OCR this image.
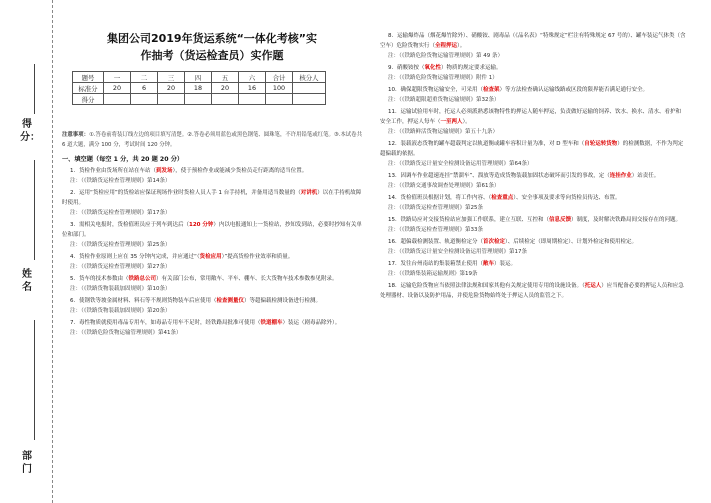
得分：
姓名
部门
集团公司2019年货运系统“一体化考核”实
作抽考（货运检查员）实作题
题号	一	二	三	四	五	六	合计	核分人
标准分	20	6	20	18	20	16	100	
得分								
注意事项：①.答卷前将装订线左边的项目填写清楚。②.答卷必须用蓝色或黑色钢笔、圆珠笔，不许用铅笔或红笔。③.本试卷共 6 道大题，满分 100 分，考试时间 120 分钟。
一、填空题（每空 1 分，共 20 题 20 分）
1．货检作业由货场所在站在车站（到发场），使于预检作业或能减少货检员走行距离的适当位置。
注：（《铁路货运检查管理规则》第14条）
2．运用“货检应用”的货检站应保证现场作业时货检人员人手 1 台手持机，并备用适当数量的（对讲机）以在手持机故障时使用。
注：（《铁路货运检查管理规则》第17条）
3．需相关电报时，货检值班员应于列车到达后（120 分钟）内以电报通知上一货检站，抄知发到站，必要时抄知有关单位和部门。
注：（《铁路货运检查管理规则》第25条）
4．货检作业原则上应在 35 分钟内完成，并应通过“（货检应用）”提高货检作业效率和质量。
注：（《铁路货运检查管理规则》第27条）
5．货车的技术参数由（铁路总公司）有关部门公布，常用敞车、平车、棚车、长大货物车技术参数参见附录。
注：（《铁路货物装载加固规则》第10条）
6．使钢铁等坡金属材料、料石等不规则货物装车后应使用（检查测量仪）等超偏载检测设备进行检测。
注：（《铁路货物装载加固规则》第20条）
7．毒性物质就使用毒品专用车，如毒品专用车不足时，经铁路局批准可使用（铁道棚车）装运（剧毒品除外）。
注：（《铁路危险货物运输管理规则》第41条）
8．运输爆炸品（烟花爆竹除外）、硝酸铵、剧毒品（《品名表》“特殊规定”栏注有特殊规定 67 号的）、罐车装运气体类（含空车）危险货物实行（全程押运）。
注：（《铁路危险货物运输管理规则》第 49 条）
9．硝酸铵按（氧化性）物质的规定要求运输。
注：（《铁路危险货物运输管理规则》附件 1）
10．确保超限货物运输安全，可采用（检查架）等方法检查确认运输线路或区段的限界能否满足通行安全。
注：（《铁路超限超重货物运输规则》第32条）
11．运输试验用车时，托运人必须派熟悉该物特性的押运人随车押运，负责做好运输的饲养、饮水、换水、清水、看护和安全工作，押运人每车（一至两人）。
注：（《铁路鲜活货物运输规则》第五十九条）
12．装载液态货物的罐车超载判定以轨道衡或罐车容积计量为准，对 D 型车和（自轮运转货物）的检测数据，不作为判定超偏载的依据。
注：（《铁路货运计量安全检测设备运用管理规则》第64条）
13．因调车作业超速连挂“禁溜车”、溜放等造成货物装载加固状态破坏而引发的事故，定（连挂作业）站责任。
注：（《铁路交通事故调查处理规则》第61条）
14．货检值班员根据计划，将工作内容、（检查重点）、安全事项及要求等向货检员传达、布置。
注：（《铁路货运检查管理规则》第25条
15．铁路局应对交接货检站应加强工作联系，建立互联、互控和（信息反馈）制度，及时解决铁路局间交接存在的问题。
注：（《铁路货运检查管理规则》第33条
16．超偏载检测装置、轨道衡检定分（首次检定）、后续检定（即周期检定）、计划外检定和使用检定。
注：（《铁路货运计量安全检测设备运用管理规则》第17条
17．发往台州南站的集装箱禁止使用（敞车）装运。
注：（《铁路集装箱运输规则》第19条
18．运输危险货物应当依照法律法规和国家其他有关规定使用专用的设施设备。（托运人）应当配备必要的押运人员和应急处理器材、设备以及防护用品，并使危险货物始终处于押运人员的监管之下。
